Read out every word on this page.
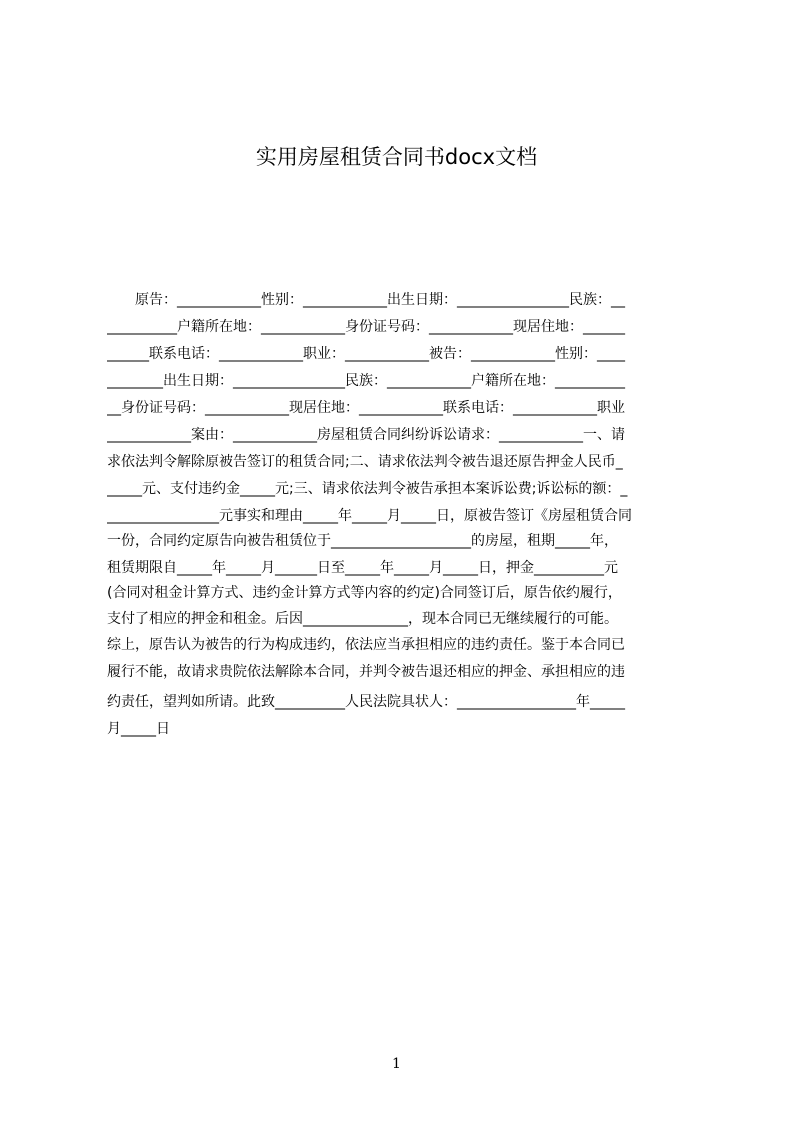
实用房屋租赁合同书docx文档
　　原告：____________性别：____________出生日期：________________民族：__
__________户籍所在地：____________身份证号码：____________现居住地：______
______联系电话：____________职业：____________被告：____________性别：____
________出生日期：________________民族：____________户籍所在地：__________
__身份证号码：____________现居住地：____________联系电话：____________职业
____________案由：____________房屋租赁合同纠纷诉讼请求：____________一、请
求依法判令解除原被告签订的租赁合同;二、请求依法判令被告退还原告押金人民币_
_____元、支付违约金_____元;三、请求依法判令被告承担本案诉讼费;诉讼标的额：_
________________元事实和理由_____年_____月_____日，原被告签订《房屋租赁合同
一份，合同约定原告向被告租赁位于____________________的房屋，租期_____年，
租赁期限自_____年_____月______日至_____年_____月_____日，押金__________元
(合同对租金计算方式、违约金计算方式等内容的约定)合同签订后，原告依约履行，
支付了相应的押金和租金。后因_______________，现本合同已无继续履行的可能。
综上，原告认为被告的行为构成违约，依法应当承担相应的违约责任。鉴于本合同已
履行不能，故请求贵院依法解除本合同，并判令被告退还相应的押金、承担相应的违
约责任，望判如所请。此致__________人民法院具状人：_________________年_____
月_____日
1
